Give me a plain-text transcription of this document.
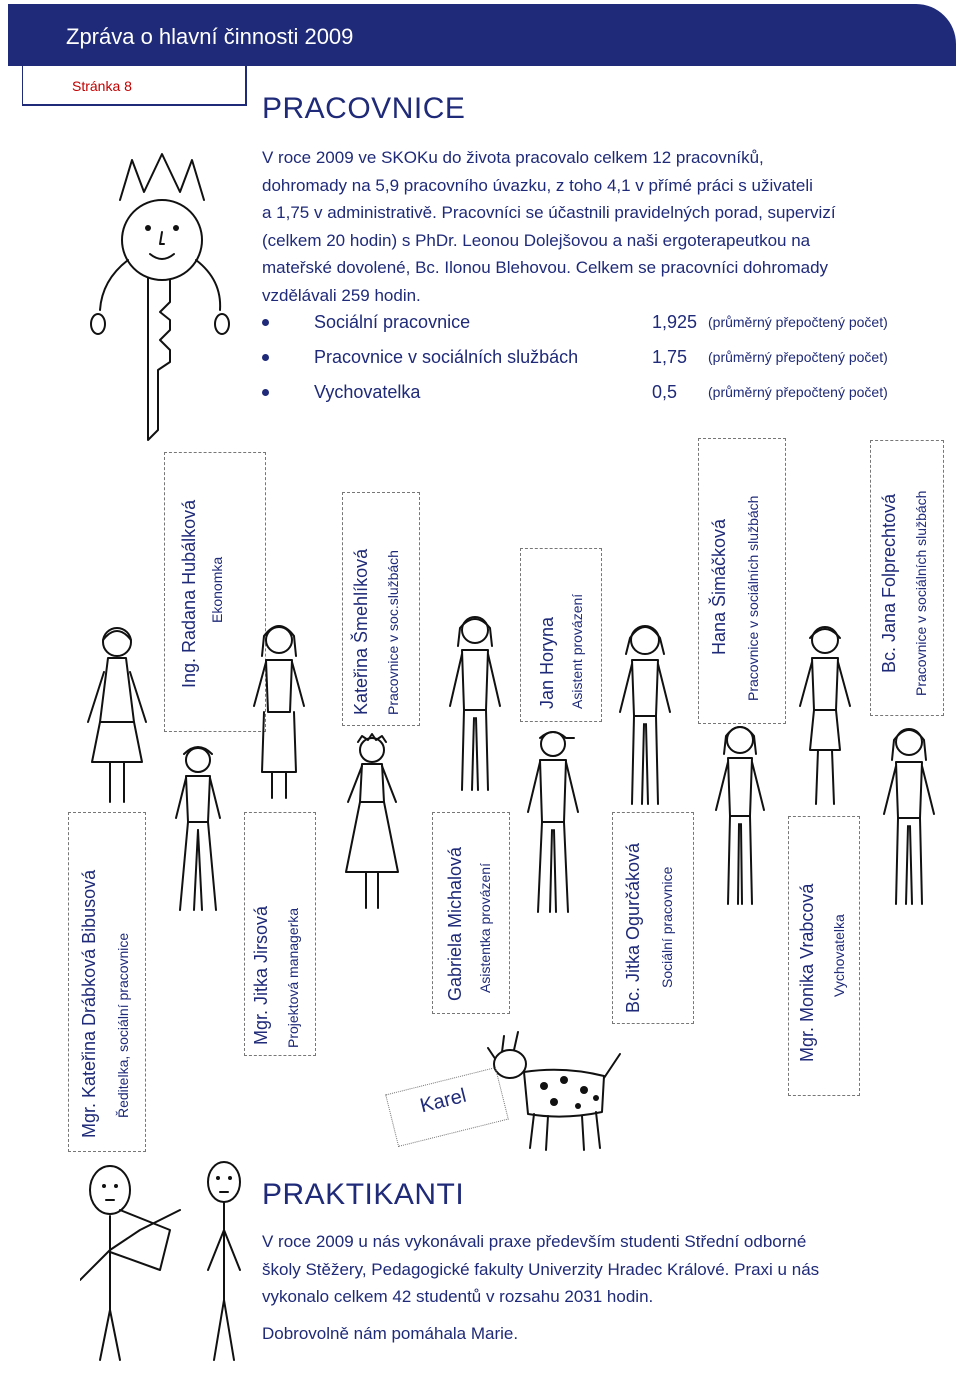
Zpráva o hlavní činnosti 2009
Stránka 8
PRACOVNICE
V roce 2009 ve SKOKu do života pracovalo celkem 12 pracovníků,
dohromady na 5,9 pracovního úvazku, z toho 4,1 v přímé práci s uživateli
a 1,75 v administrativě. Pracovníci se účastnili pravidelných porad, supervizí
(celkem 20 hodin) s PhDr. Leonou Dolejšovou a naši ergoterapeutkou na
mateřské dovolené, Bc. Ilonou Blehovou. Celkem se pracovníci dohromady
vzdělávali 259 hodin.
Sociální pracovnice	1,925 (průměrný přepočtený počet)
Pracovnice v sociálních službách	1,75 (průměrný přepočtený počet)
Vychovatelka	0,5 (průměrný přepočtený počet)
Ing. Radana Hubálková Ekonomka	Kateřina Šmehlíková Pracovnice v soc.službách	Jan Horyna Asistent provázení	Hana Šimáčková Pracovnice v sociálních službách	Bc. Jana Folprechtová Pracovnice v sociálních službách
Mgr. Kateřina Drábková Bibusová Ředitelka, sociální pracovnice	Mgr. Jitka Jirsová Projektová managerka	Gabriela Michalová Asistentka provázení	Bc. Jitka Ogurčáková Sociální pracovnice	Mgr. Monika Vrabcová Vychovatelka
Karel
PRAKTIKANTI
V roce 2009 u nás vykonávali praxe především studenti Střední odborné
školy Stěžery, Pedagogické fakulty Univerzity Hradec Králové. Praxi u nás
vykonalo celkem 42 studentů v rozsahu 2031 hodin.
Dobrovolně nám pomáhala Marie.
